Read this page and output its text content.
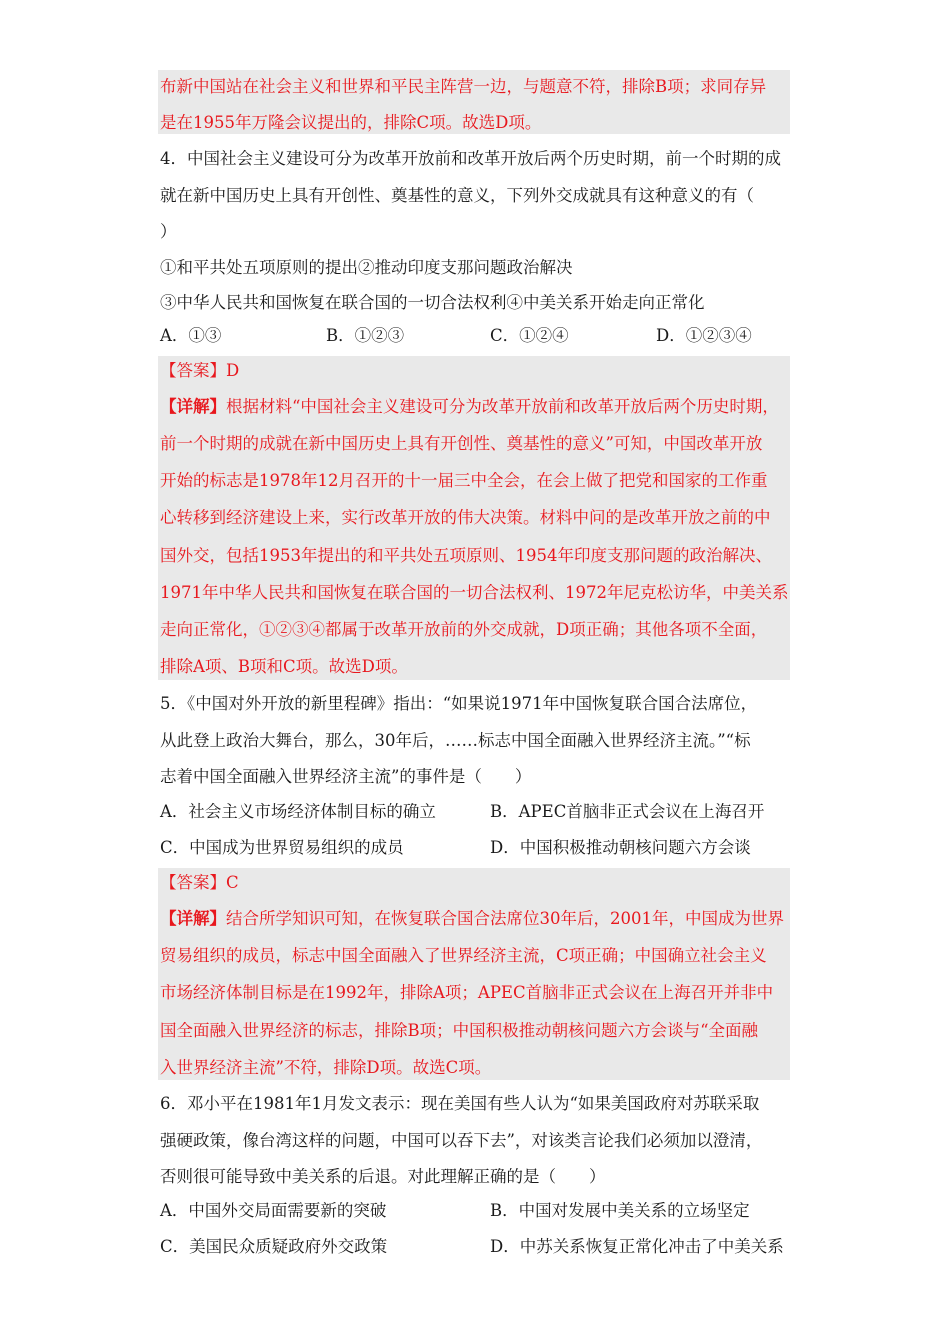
布新中国站在社会主义和世界和平民主阵营一边，与题意不符，排除B项；求同存异
是在1955年万隆会议提出的，排除C项。故选D项。
4．中国社会主义建设可分为改革开放前和改革开放后两个历史时期，前一个时期的成
就在新中国历史上具有开创性、奠基性的意义，下列外交成就具有这种意义的有（
）
①和平共处五项原则的提出②推动印度支那问题政治解决
③中华人民共和国恢复在联合国的一切合法权利④中美关系开始走向正常化
A．①③	B．①②③	C．①②④	D．①②③④
【答案】D
【详解】根据材料“中国社会主义建设可分为改革开放前和改革开放后两个历史时期，
前一个时期的成就在新中国历史上具有开创性、奠基性的意义”可知，中国改革开放
开始的标志是1978年12月召开的十一届三中全会，在会上做了把党和国家的工作重
心转移到经济建设上来，实行改革开放的伟大决策。材料中问的是改革开放之前的中
国外交，包括1953年提出的和平共处五项原则、1954年印度支那问题的政治解决、
1971年中华人民共和国恢复在联合国的一切合法权利、1972年尼克松访华，中美关系
走向正常化，①②③④都属于改革开放前的外交成就，D项正确；其他各项不全面，
排除A项、B项和C项。故选D项。
5．《中国对外开放的新里程碑》指出：“如果说1971年中国恢复联合国合法席位，
从此登上政治大舞台，那么，30年后，……标志中国全面融入世界经济主流。”“标
志着中国全面融入世界经济主流”的事件是（　　）
A．社会主义市场经济体制目标的确立	B．APEC首脑非正式会议在上海召开
C．中国成为世界贸易组织的成员	D．中国积极推动朝核问题六方会谈
【答案】C
【详解】结合所学知识可知，在恢复联合国合法席位30年后，2001年，中国成为世界
贸易组织的成员，标志中国全面融入了世界经济主流，C项正确；中国确立社会主义
市场经济体制目标是在1992年，排除A项；APEC首脑非正式会议在上海召开并非中
国全面融入世界经济的标志，排除B项；中国积极推动朝核问题六方会谈与“全面融
入世界经济主流”不符，排除D项。故选C项。
6．邓小平在1981年1月发文表示：现在美国有些人认为“如果美国政府对苏联采取
强硬政策，像台湾这样的问题，中国可以吞下去”，对该类言论我们必须加以澄清，
否则很可能导致中美关系的后退。对此理解正确的是（　　）
A．中国外交局面需要新的突破	B．中国对发展中美关系的立场坚定
C．美国民众质疑政府外交政策	D．中苏关系恢复正常化冲击了中美关系
